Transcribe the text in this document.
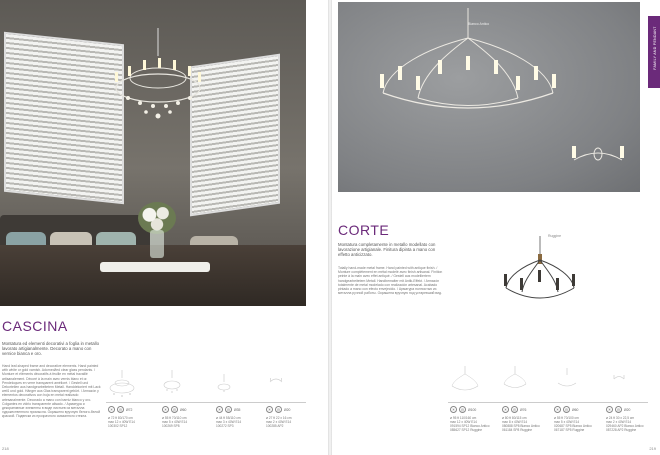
CASCINA
Montatura ed elementi decorativi a foglia in metallo lavorato artigianalmente. Decorato a mano con vernice bianca e oro.
Hand leaf-shaped frame and decorative elements. Hand painted with white or gold varnish. Adorned/led clear glass pendants. / Monture et éléments décoratifs à feuille en métal travaillé artisanalement. Décoré à la main avec vernis blanc et or. Pendeloques en verre transparent amélioré. / Gestell und Dekorteilen aus handgearbeitetem Metall. Handdekoriert mit Lack weiß und gold. Hänger aus Glas transparent gebürt. / Armazón y elementos decorativos con hoja en metal realizado artesanalmente. Decorado a mano con barniz blanco y oro. Colgantes en vidrio transparente alisado. / Арматура и декоративные элементы в виде листьев из металла художественного промысла. Окрашено вручную белого-белой краской. Подвески из прозрачного смазанного стекла.
✳	◎	Ø72
ø 72 ft 80/170 cm
max 12 x 40W E14
100302 SP12
✳	◎	Ø60
ø 55 ft 70/110 cm
max 5 x 40W E14
100269 SP8
✳	◎	Ø35
ø 44 ft 55/110 cm
max 3 x 40W E14
100272 SP3
✳	◎	Ø20
ø 27 ft 22 x 16 cm
max 2 x 40W E14
100285 AP2
218
Bianco Antico
FAMILY AND PENDANT
CORTE
Montatura completamente in metallo modellato con lavorazione artigianale. Finitura dipinta a mano con effetto anticizzato.
Totally hand-made metal frame. Hand painted with antique finish. / Monture complètement en métal modelé avec finish artisanal. Finition peinte à la main avec effet antiqué. / Gestell aus modelliertem handgearbeitetem Metall. Handbemalter mit Antik-Effekt. / Armazón totalmente de metal modelado con realización artesanal. Acabado pintado a mano con efecto envejecido. / Арматура полностью из металла ручной работы. Окрашена вручную под устаревший вид.
Ruggine
✳	◎	Ø100
ø 95 ft 110/160 cm
max 12 x 40W E14
091594 SP12 Bianco Antico
085627 SP12 Ruggine
✳	◎	Ø76
ø 80 ft 80/115 cm
max 8 x 40W E14
080888 SP8 Bianco Antico
061184 SP8 Ruggine
✳	◎	Ø60
ø 55 ft 70/100 cm
max 5 x 40W E14
020687 SP5 Bianco Antico
067187 SP5 Ruggine
✳	◎	Ø20
ø 24 ft 30 x 22,5 cm
max 2 x 40W E14
029460 AP2 Bianco Antico
087228 AP2 Ruggine
219
